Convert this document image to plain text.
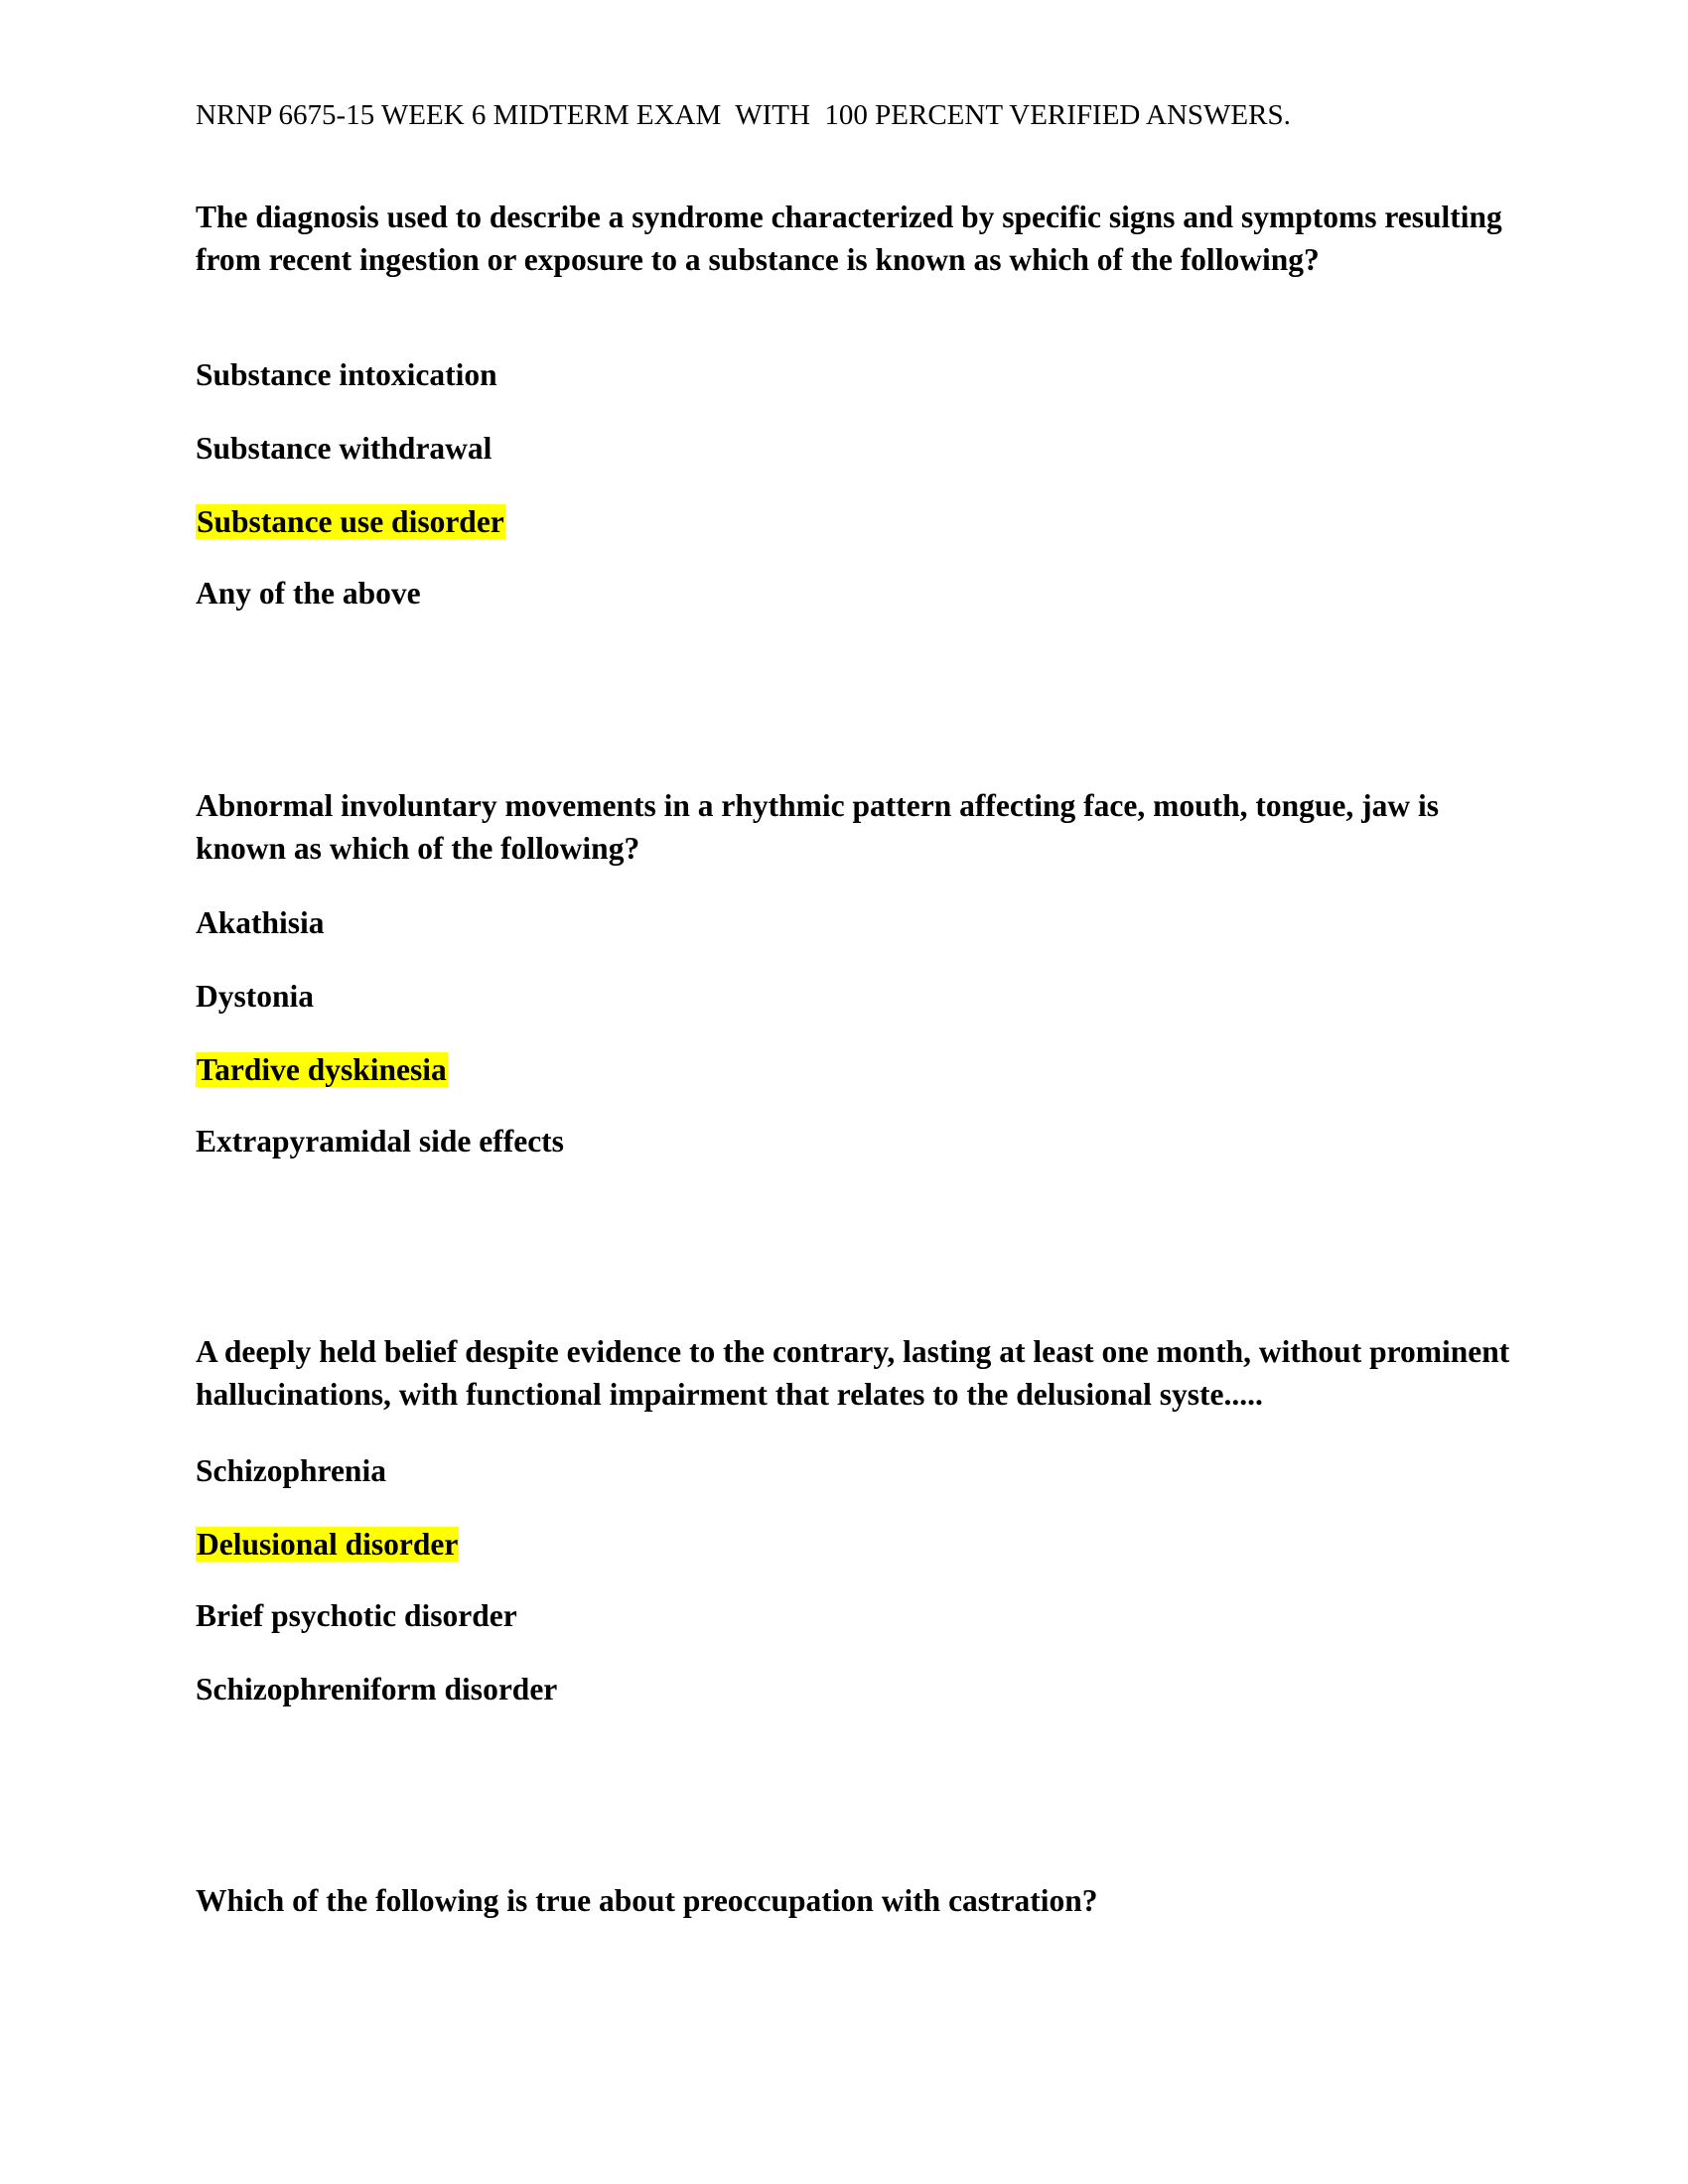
NRNP 6675-15 WEEK 6 MIDTERM EXAM  WITH  100 PERCENT VERIFIED ANSWERS.

The diagnosis used to describe a syndrome characterized by specific signs and symptoms resulting from recent ingestion or exposure to a substance is known as which of the following?

Substance intoxication
Substance withdrawal
Substance use disorder
Any of the above

Abnormal involuntary movements in a rhythmic pattern affecting face, mouth, tongue, jaw is known as which of the following?

Akathisia
Dystonia
Tardive dyskinesia
Extrapyramidal side effects

A deeply held belief despite evidence to the contrary, lasting at least one month, without prominent hallucinations, with functional impairment that relates to the delusional syste.....

Schizophrenia
Delusional disorder
Brief psychotic disorder
Schizophreniform disorder

Which of the following is true about preoccupation with castration?
